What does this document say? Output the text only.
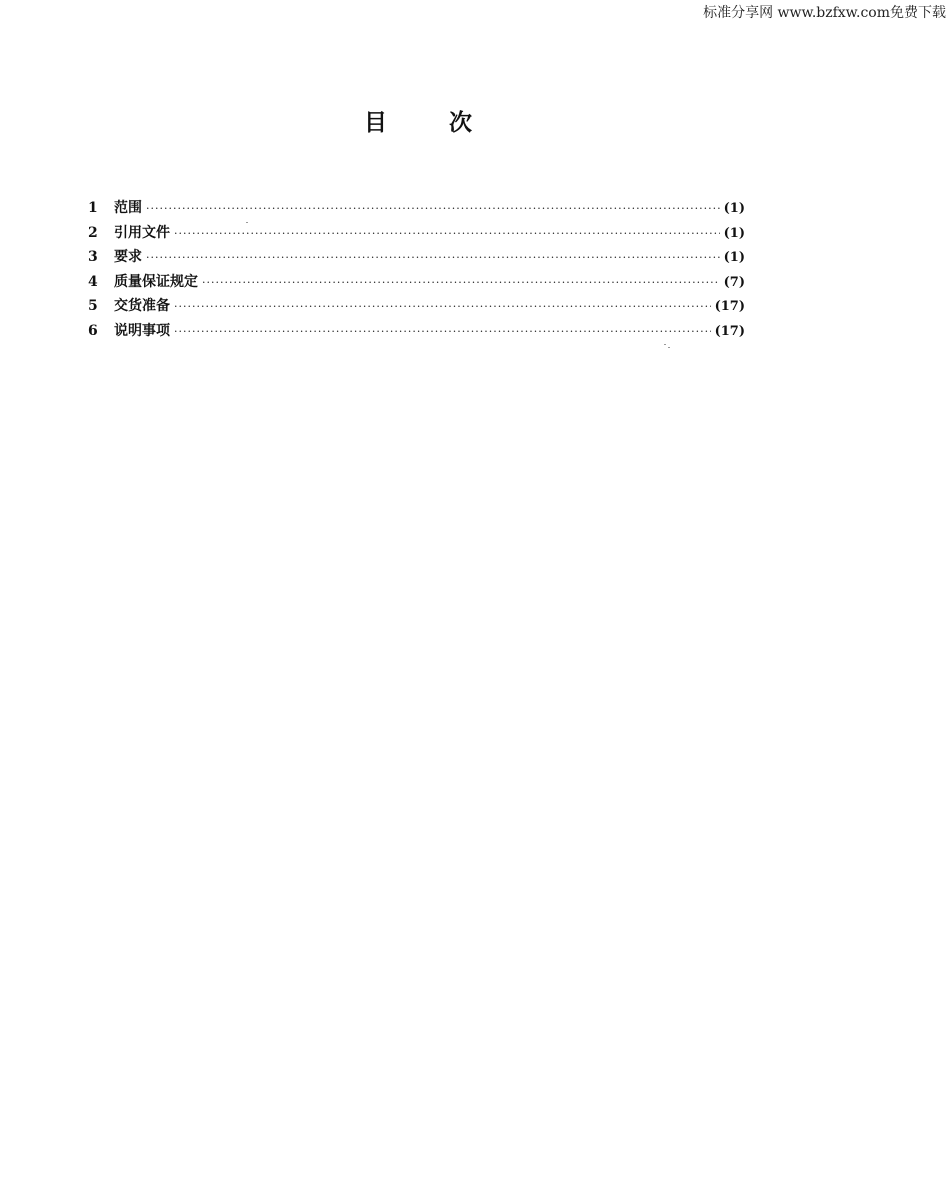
标准分享网 www.bzfxw.com免费下载
目次
1	范围 ·····	(1)
2	引用文件 ·····	(1)
3	要求 ·····	(1)
4	质量保证规定 ·····	(7)
5	交货准备 ·····	(17)
6	说明事项 ·····	(17)
